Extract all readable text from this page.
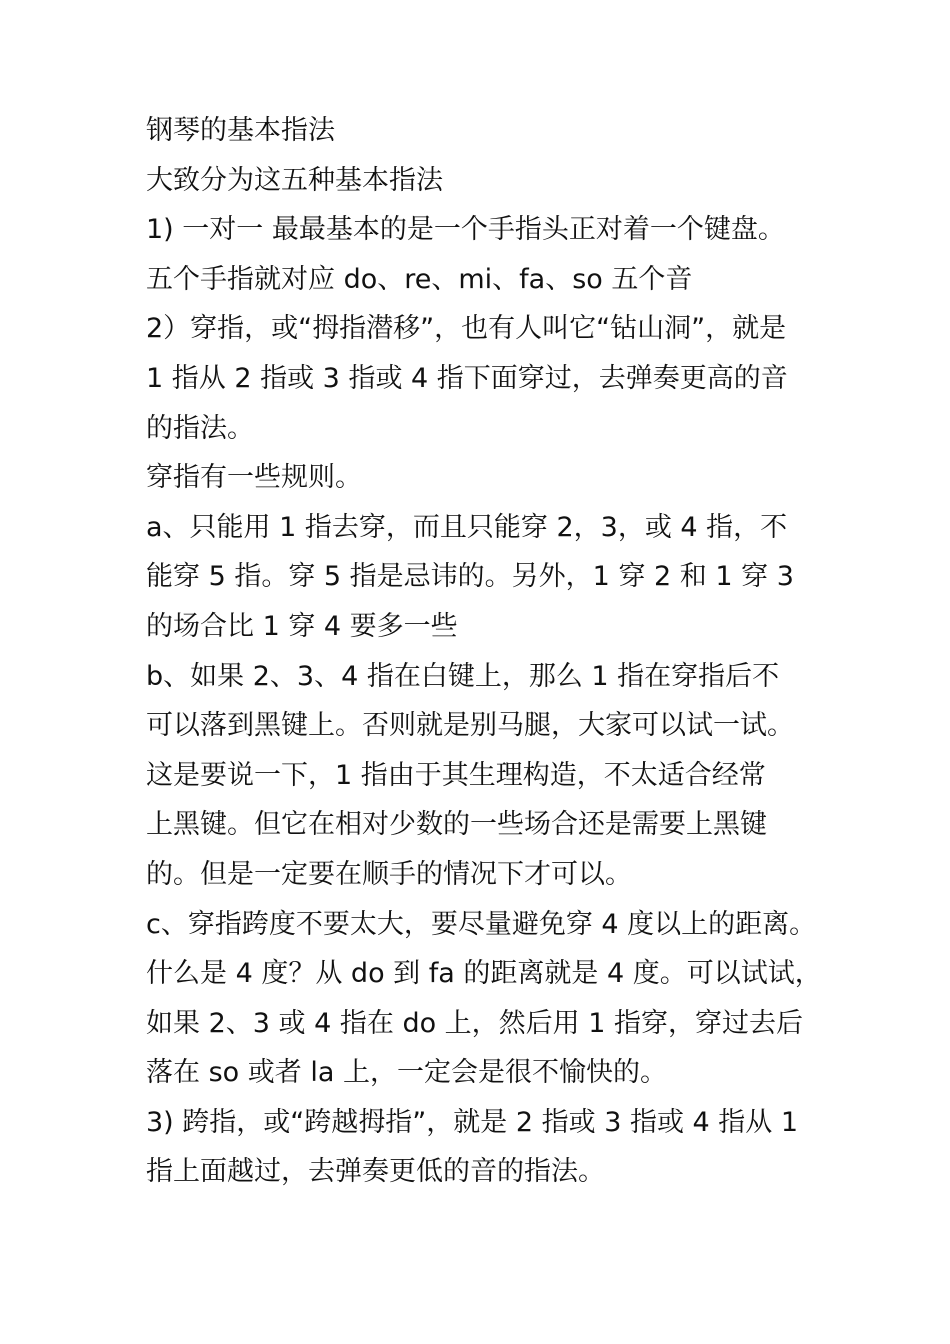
钢琴的基本指法
大致分为这五种基本指法
1) 一对一 最最基本的是一个手指头正对着一个键盘。
五个手指就对应 do、re、mi、fa、so 五个音
2）穿指，或“拇指潜移”，也有人叫它“钻山洞”，就是
1 指从 2 指或 3 指或 4 指下面穿过，去弹奏更高的音
的指法。
穿指有一些规则。
a、只能用 1 指去穿，而且只能穿 2，3，或 4 指，不
能穿 5 指。穿 5 指是忌讳的。另外，1 穿 2 和 1 穿 3
的场合比 1 穿 4 要多一些
b、如果 2、3、4 指在白键上，那么 1 指在穿指后不
可以落到黑键上。否则就是别马腿，大家可以试一试。
这是要说一下，1 指由于其生理构造，不太适合经常
上黑键。但它在相对少数的一些场合还是需要上黑键
的。但是一定要在顺手的情况下才可以。
c、穿指跨度不要太大，要尽量避免穿 4 度以上的距离。
什么是 4 度？从 do 到 fa 的距离就是 4 度。可以试试，
如果 2、3 或 4 指在 do 上，然后用 1 指穿，穿过去后
落在 so 或者 la 上，一定会是很不愉快的。
3) 跨指，或“跨越拇指”，就是 2 指或 3 指或 4 指从 1
指上面越过，去弹奏更低的音的指法。
